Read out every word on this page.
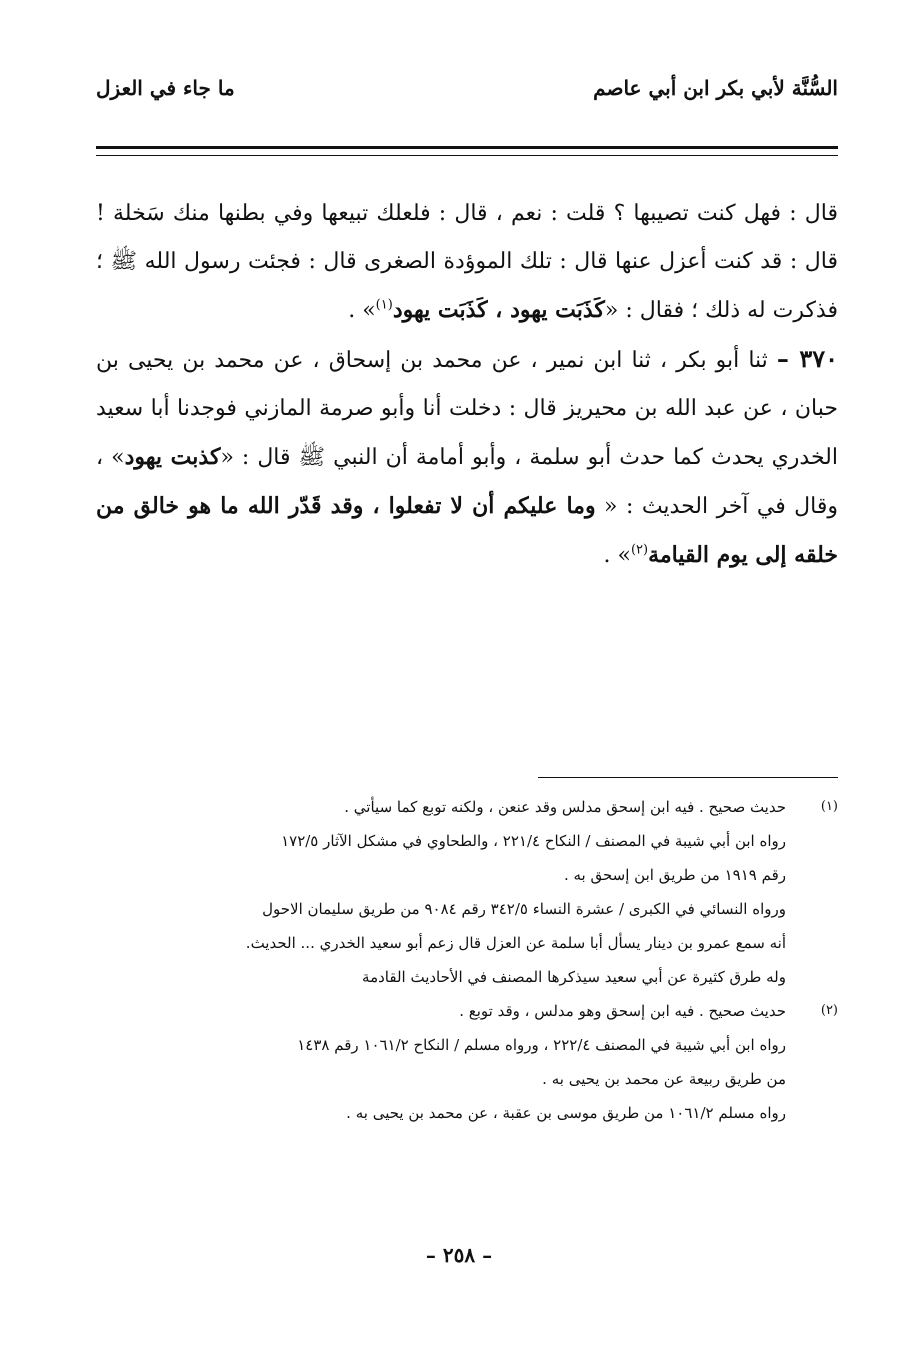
السُّنَّة لأبي بكر ابن أبي عاصم
ما جاء في العزل

قال : فهل كنت تصيبها ؟ قلت : نعم ، قال : فلعلك تبيعها وفي بطنها منك سَخلة ! قال : قد كنت أعزل عنها قال : تلك الموؤدة الصغرى قال : فجئت رسول الله ﷺ ؛ فذكرت له ذلك ؛ فقال : «كَذَبَت يهود ، كَذَبَت يهود$^{(١)}$» .

٣٧٠ – ثنا أبو بكر ، ثنا ابن نمير ، عن محمد بن إسحاق ، عن محمد بن يحيى بن حبان ، عن عبد الله بن محيريز قال : دخلت أنا وأبو صرمة المازني فوجدنا أبا سعيد الخدري يحدث كما حدث أبو سلمة ، وأبو أمامة أن النبي ﷺ قال : «كذبت يهود» ، وقال في آخر الحديث : « وما عليكم أن لا تفعلوا ، وقد قَدّر الله ما هو خالق من خلقه إلى يوم القيامة$^{(٢)}$» .

(١)
حديث صحيح . فيه ابن إسحق مدلس وقد عنعن ، ولكنه توبع كما سيأتي .
رواه ابن أبي شيبة في المصنف / النكاح ٢٢١/٤ ، والطحاوي في مشكل الآثار ١٧٢/٥
رقم ١٩١٩ من طريق ابن إسحق به .
ورواه النسائي في الكبرى / عشرة النساء ٣٤٢/٥ رقم ٩٠٨٤ من طريق سليمان الاحول
أنه سمع عمرو بن دينار يسأل أبا سلمة عن العزل قال زعم أبو سعيد الخدري ... الحديث.
وله طرق كثيرة عن أبي سعيد سيذكرها المصنف في الأحاديث القادمة
(٢)
حديث صحيح . فيه ابن إسحق وهو مدلس ، وقد توبع .
رواه ابن أبي شيبة في المصنف ٢٢٢/٤ ، ورواه مسلم / النكاح ١٠٦١/٢ رقم ١٤٣٨
من طريق ربيعة عن محمد بن يحيى به .
رواه مسلم ١٠٦١/٢ من طريق موسى بن عقبة ، عن محمد بن يحيى به .
– ٢٥٨ –
